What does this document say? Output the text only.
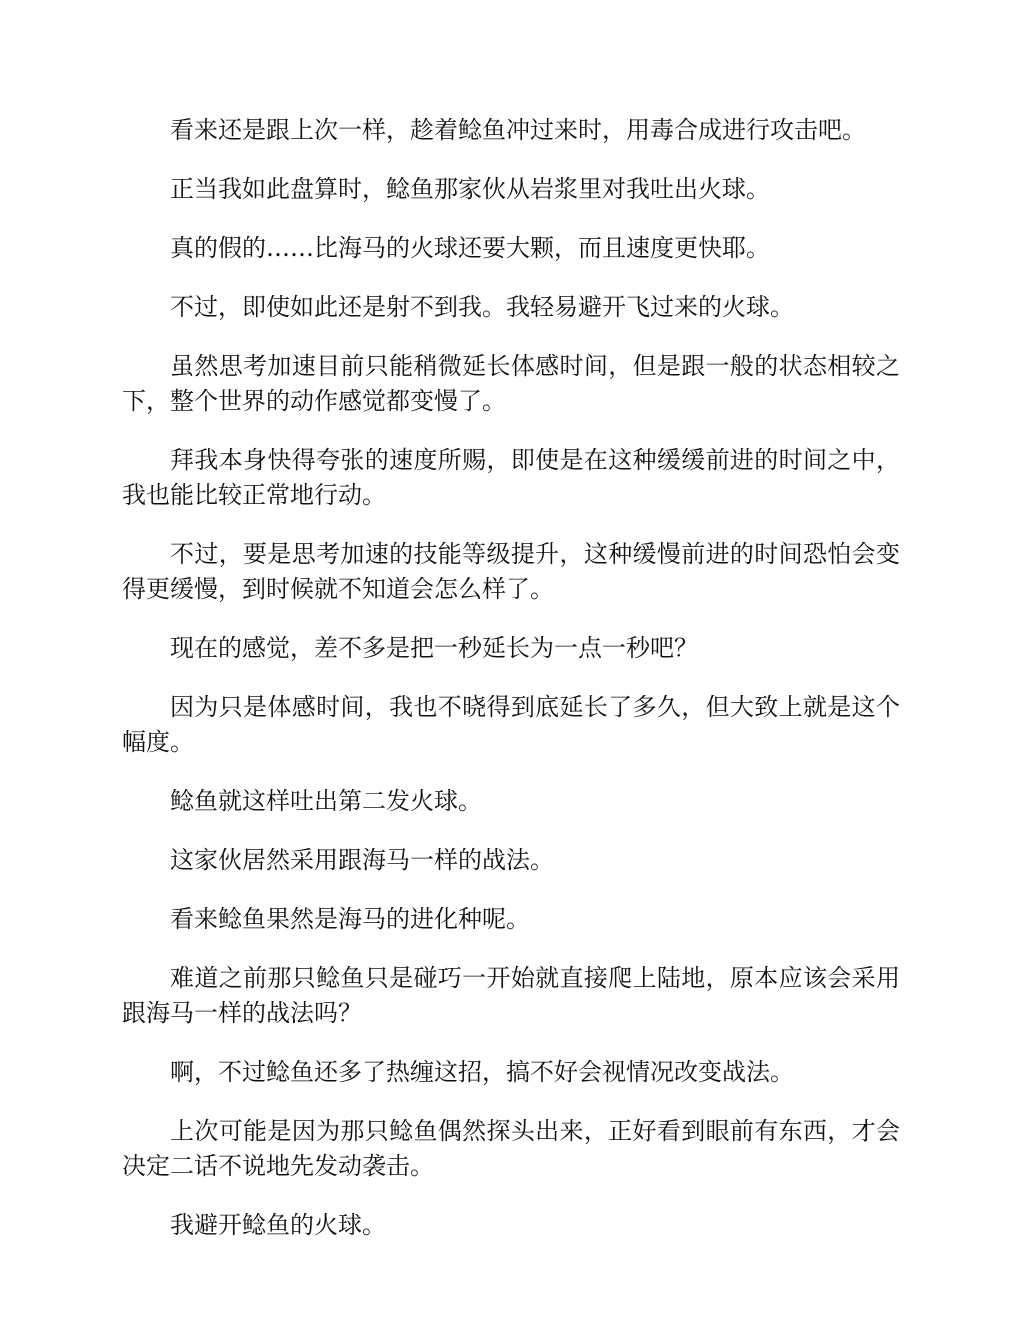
看来还是跟上次一样，趁着鲶鱼冲过来时，用毒合成进行攻击吧。

正当我如此盘算时，鲶鱼那家伙从岩浆里对我吐出火球。

真的假的……比海马的火球还要大颗，而且速度更快耶。

不过，即使如此还是射不到我。我轻易避开飞过来的火球。

虽然思考加速目前只能稍微延长体感时间，但是跟一般的状态相较之下，整个世界的动作感觉都变慢了。

拜我本身快得夸张的速度所赐，即使是在这种缓缓前进的时间之中，我也能比较正常地行动。

不过，要是思考加速的技能等级提升，这种缓慢前进的时间恐怕会变得更缓慢，到时候就不知道会怎么样了。

现在的感觉，差不多是把一秒延长为一点一秒吧？

因为只是体感时间，我也不晓得到底延长了多久，但大致上就是这个幅度。

鲶鱼就这样吐出第二发火球。

这家伙居然采用跟海马一样的战法。

看来鲶鱼果然是海马的进化种呢。

难道之前那只鲶鱼只是碰巧一开始就直接爬上陆地，原本应该会采用跟海马一样的战法吗？

啊，不过鲶鱼还多了热缠这招，搞不好会视情况改变战法。

上次可能是因为那只鲶鱼偶然探头出来，正好看到眼前有东西，才会决定二话不说地先发动袭击。

我避开鲶鱼的火球。
